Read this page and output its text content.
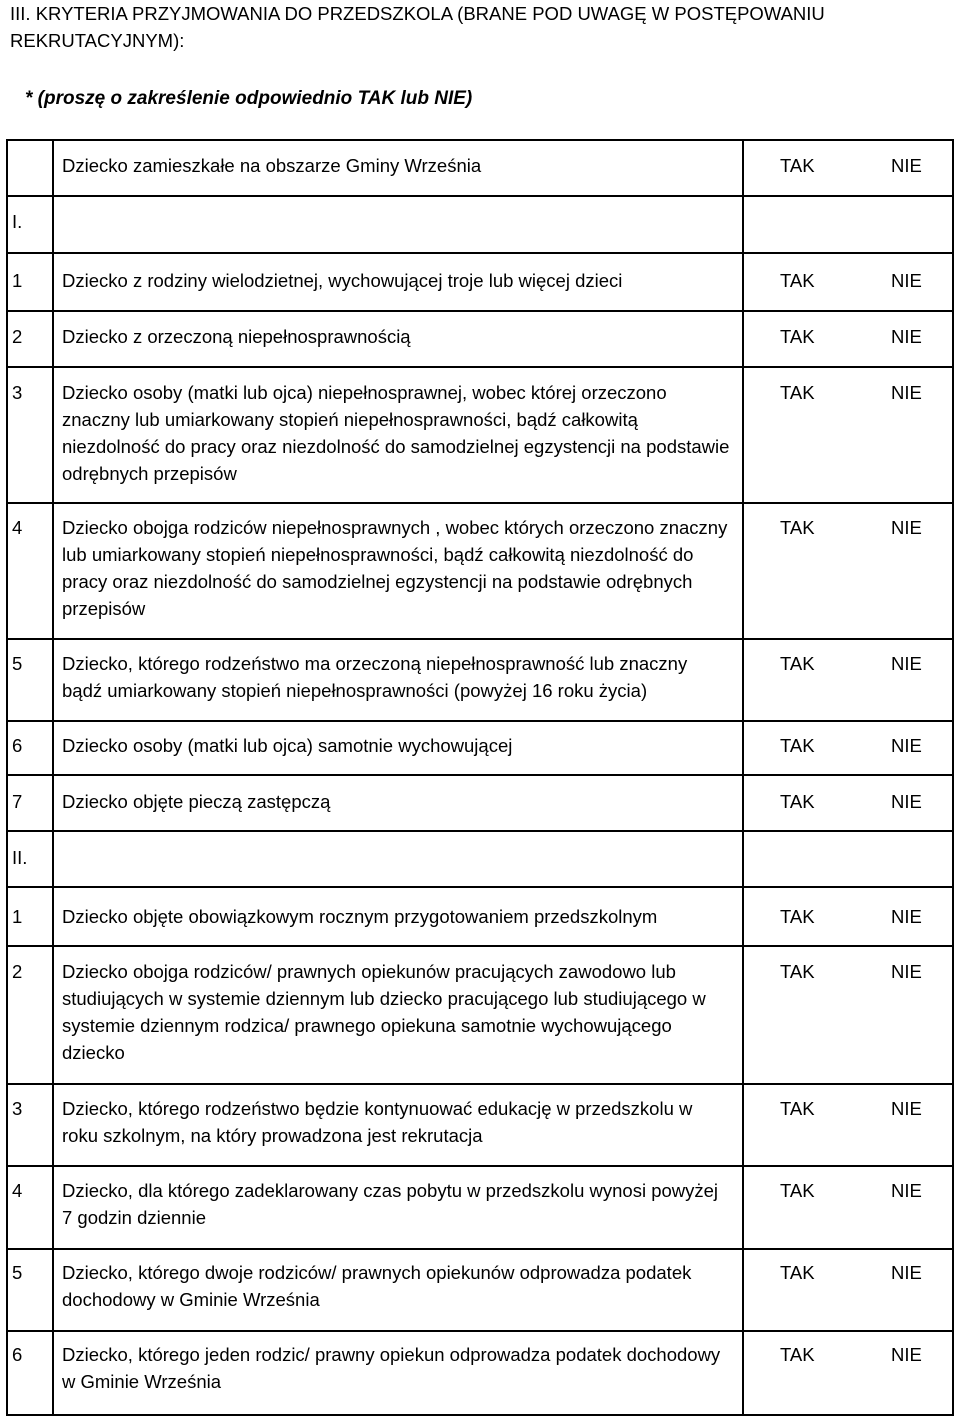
III. KRYTERIA PRZYJMOWANIA DO PRZEDSZKOLA (BRANE POD UWAGĘ W POSTĘPOWANIU REKRUTACYJNYM):
* (proszę o zakreślenie odpowiednio TAK lub NIE)
Dziecko zamieszkałe na obszarze Gminy Września	TAK	NIE
I.
1 Dziecko z rodziny wielodzietnej, wychowującej troje lub więcej dzieci	TAK	NIE
2 Dziecko z orzeczoną niepełnosprawnością	TAK	NIE
3 Dziecko osoby (matki lub ojca) niepełnosprawnej, wobec której orzeczono znaczny lub umiarkowany stopień niepełnosprawności, bądź całkowitą niezdolność do pracy oraz niezdolność do samodzielnej egzystencji na podstawie odrębnych przepisów
TAK	NIE
4 Dziecko obojga rodziców niepełnosprawnych , wobec których orzeczono znaczny lub umiarkowany stopień niepełnosprawności, bądź całkowitą niezdolność do pracy oraz niezdolność do samodzielnej egzystencji na podstawie odrębnych przepisów
TAK	NIE
5 Dziecko, którego rodzeństwo ma orzeczoną niepełnosprawność lub znaczny bądź umiarkowany stopień niepełnosprawności (powyżej 16 roku życia)
TAK	NIE
6 Dziecko osoby (matki lub ojca) samotnie wychowującej	TAK	NIE
7 Dziecko objęte pieczą zastępczą	TAK	NIE
II.
1 Dziecko objęte obowiązkowym rocznym przygotowaniem przedszkolnym	TAK	NIE
2 Dziecko obojga rodziców/ prawnych opiekunów pracujących zawodowo lub studiujących w systemie dziennym lub dziecko pracującego lub studiującego w systemie dziennym rodzica/ prawnego opiekuna samotnie wychowującego dziecko
TAK	NIE
3 Dziecko, którego rodzeństwo będzie kontynuować edukację w przedszkolu w roku szkolnym, na który prowadzona jest rekrutacja
TAK	NIE
4 Dziecko, dla którego zadeklarowany czas pobytu w przedszkolu wynosi powyżej 7 godzin dziennie
TAK	NIE
5 Dziecko, którego dwoje rodziców/ prawnych opiekunów odprowadza podatek dochodowy w Gminie Września
TAK	NIE
6 Dziecko, którego jeden rodzic/ prawny opiekun odprowadza podatek dochodowy w Gminie Września
TAK	NIE
